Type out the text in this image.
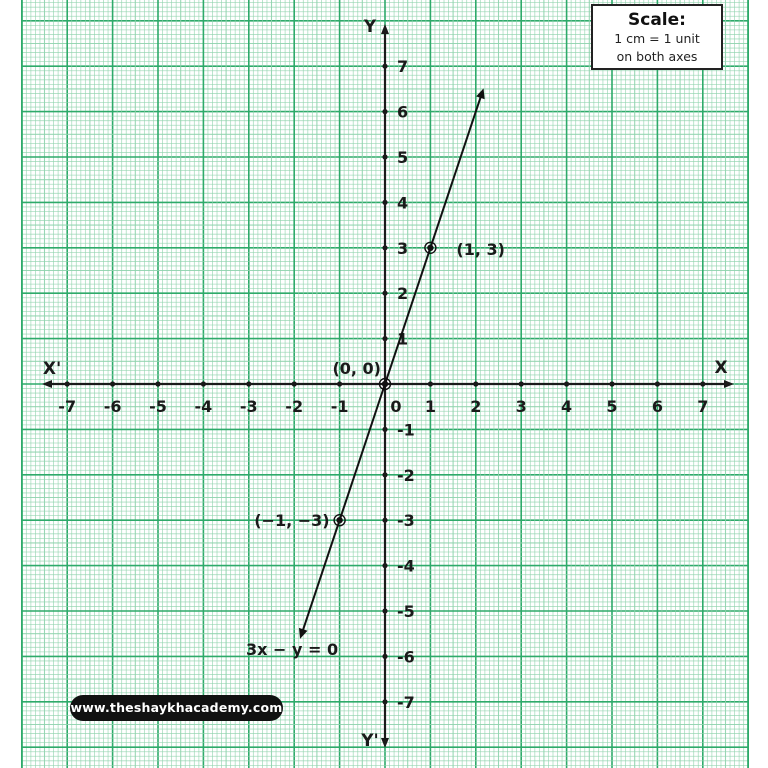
-7 -6 -5 -4 -3 -2 -1	0 1 2 3 4 5 6 7
-7
-6
-5
-4
-3
-2
-1
1
2
3
4
5
6
7
(−1, −3)
(0, 0)
(1, 3)
3x − y = 0
X
X'
Y
Y'
Scale:
1 cm = 1 unit
on both axes
www.theshaykhacademy.com
